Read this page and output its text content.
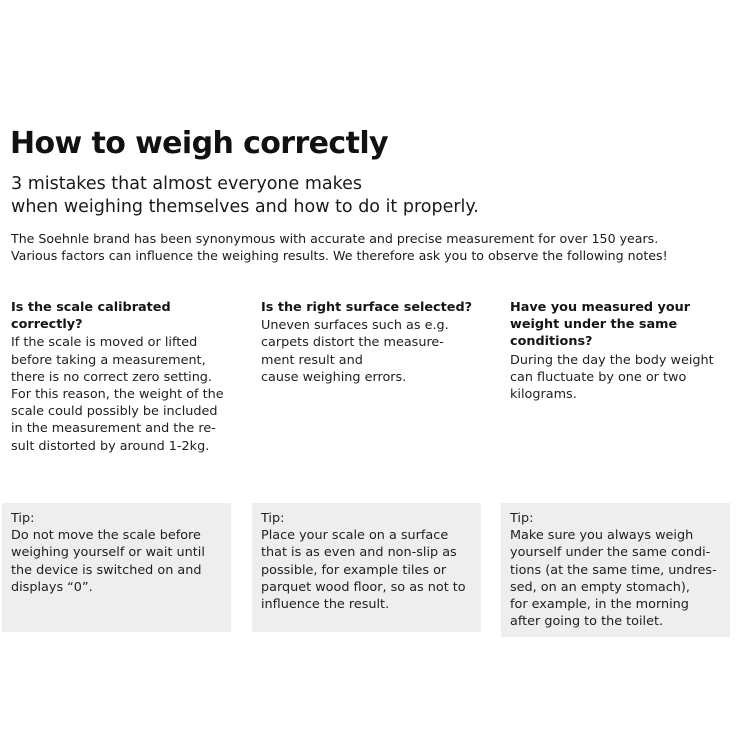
How to weigh correctly
3 mistakes that almost everyone makes
when weighing themselves and how to do it properly.
The Soehnle brand has been synonymous with accurate and precise measurement for over 150 years.
Various factors can influence the weighing results. We therefore ask you to observe the following notes!
Is the scale calibrated
correctly?
If the scale is moved or lifted
before taking a measurement,
there is no correct zero setting.
For this reason, the weight of the
scale could possibly be included
in the measurement and the re-
sult distorted by around 1-2kg.
Is the right surface selected?
Uneven surfaces such as e.g.
carpets distort the measure-
ment result and
cause weighing errors.
Have you measured your
weight under the same
conditions?
During the day the body weight
can fluctuate by one or two
kilograms.
Tip:
Do not move the scale before
weighing yourself or wait until
the device is switched on and
displays “0”.
Tip:
Place your scale on a surface
that is as even and non-slip as
possible, for example tiles or
parquet wood floor, so as not to
influence the result.
Tip:
Make sure you always weigh
yourself under the same condi-
tions (at the same time, undres-
sed, on an empty stomach),
for example, in the morning
after going to the toilet.
